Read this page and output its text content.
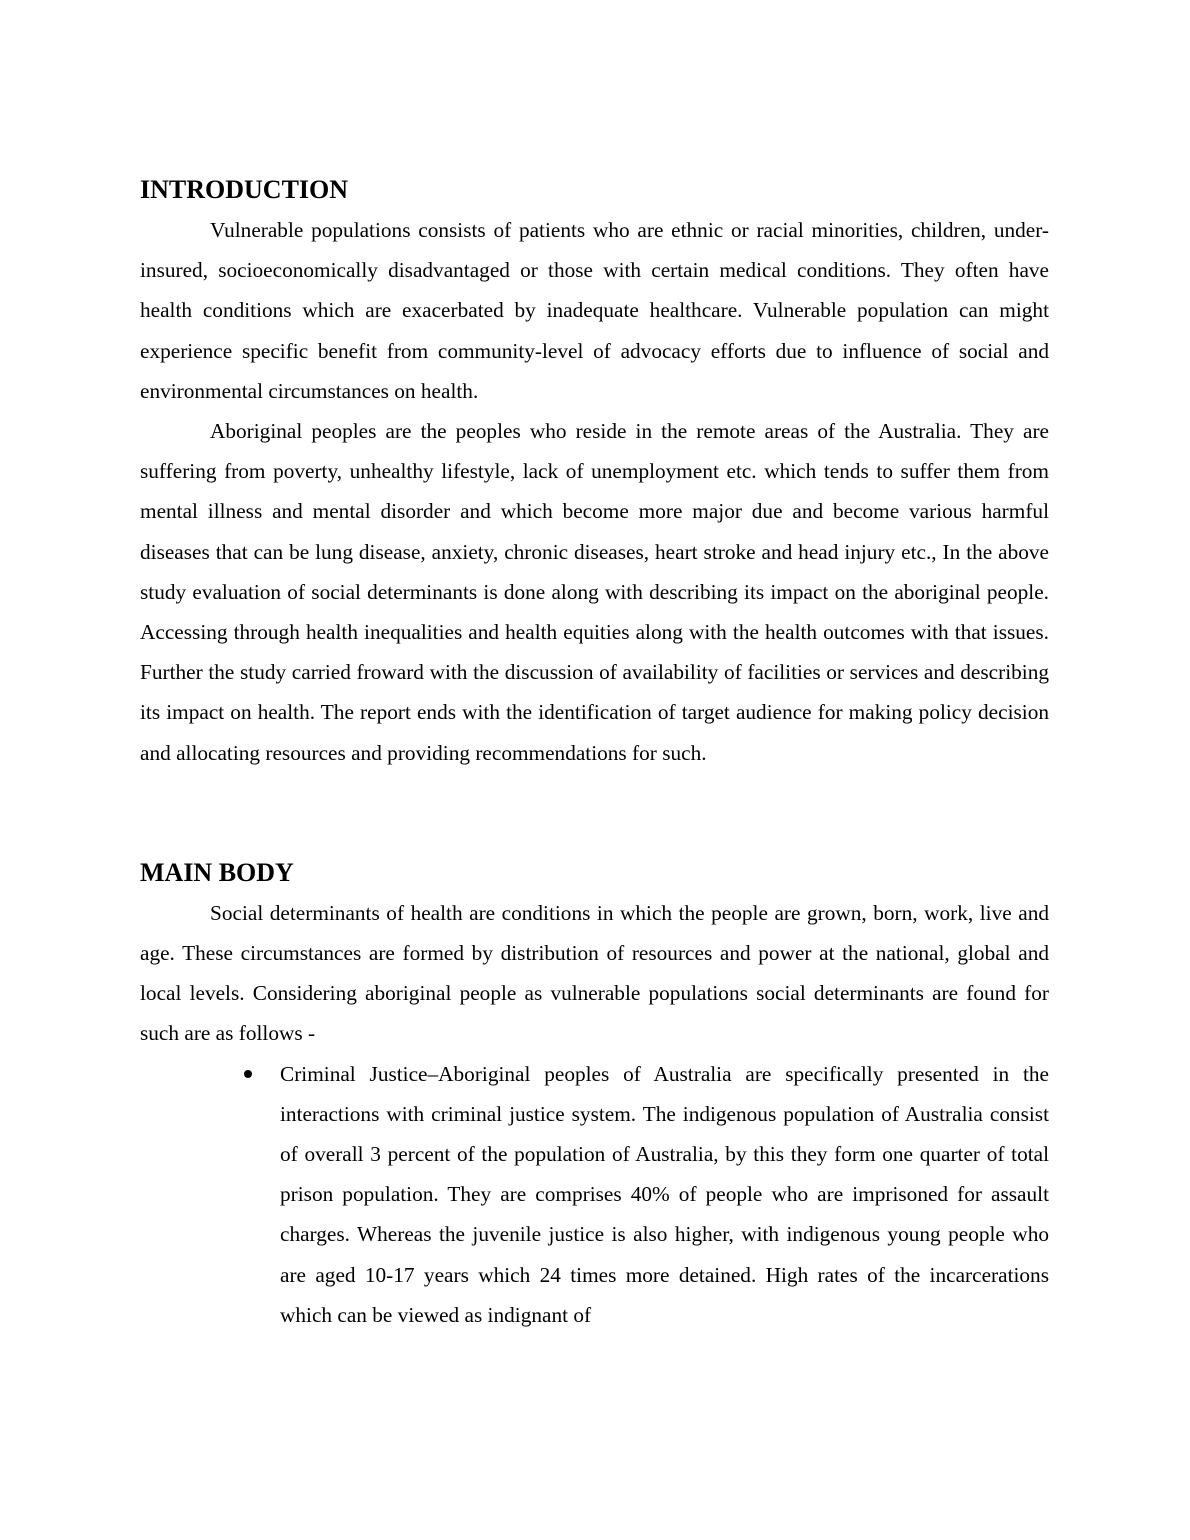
INTRODUCTION

Vulnerable populations consists of patients who are ethnic or racial minorities, children, under-insured, socioeconomically disadvantaged or those with certain medical conditions. They often have health conditions which are exacerbated by inadequate healthcare. Vulnerable population can might experience specific benefit from community-level of advocacy efforts due to influence of social and environmental circumstances on health.

Aboriginal peoples are the peoples who reside in the remote areas of the Australia. They are suffering from poverty, unhealthy lifestyle, lack of unemployment etc. which tends to suffer them from mental illness and mental disorder and which become more major due and become various harmful diseases that can be lung disease, anxiety, chronic diseases, heart stroke and head injury etc., In the above study evaluation of social determinants is done along with describing its impact on the aboriginal people. Accessing through health inequalities and health equities along with the health outcomes with that issues. Further the study carried froward with the discussion of availability of facilities or services and describing its impact on health. The report ends with the identification of target audience for making policy decision and allocating resources and providing recommendations for such.

MAIN BODY

Social determinants of health are conditions in which the people are grown, born, work, live and age. These circumstances are formed by distribution of resources and power at the national, global and local levels. Considering aboriginal people as vulnerable populations social determinants are found for such are as follows -

Criminal Justice–Aboriginal peoples of Australia are specifically presented in the interactions with criminal justice system. The indigenous population of Australia consist of overall 3 percent of the population of Australia, by this they form one quarter of total prison population. They are comprises 40% of people who are imprisoned for assault charges. Whereas the juvenile justice is also higher, with indigenous young people who are aged 10-17 years which 24 times more detained. High rates of the incarcerations which can be viewed as indignant of
